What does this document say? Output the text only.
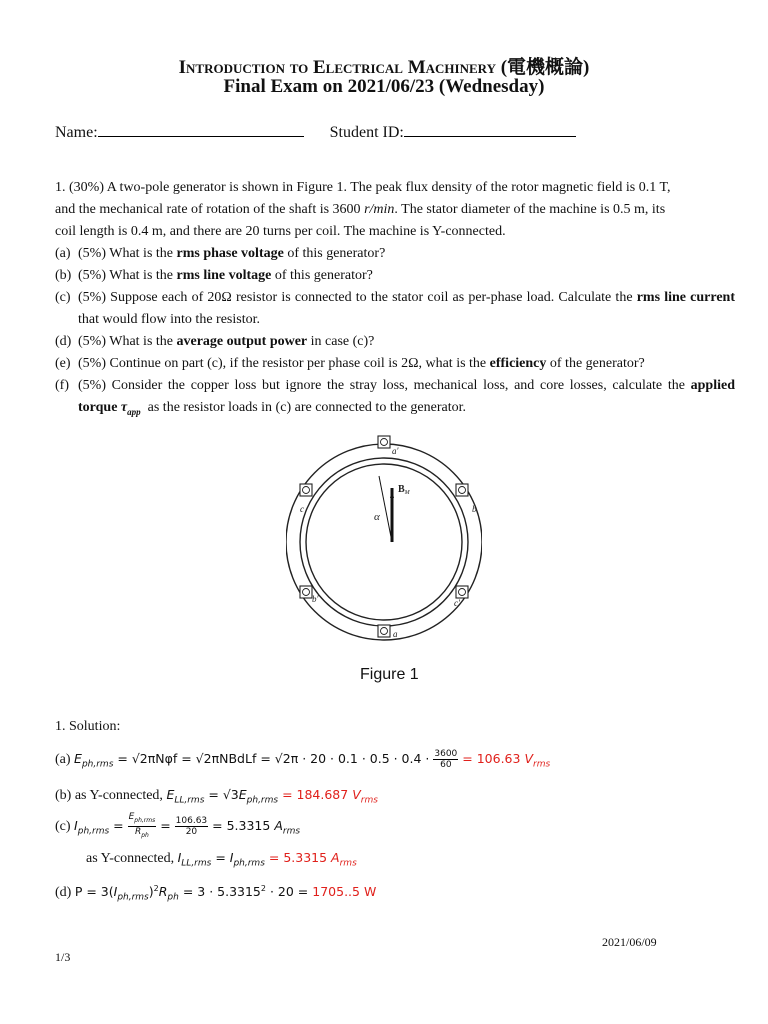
Introduction to Electrical Machinery (電機概論)
Final Exam on 2021/06/23 (Wednesday)
Name:	Student ID:
1. (30%) A two-pole generator is shown in Figure 1. The peak flux density of the rotor magnetic field is 0.1 T,
and the mechanical rate of rotation of the shaft is 3600 r/min. The stator diameter of the machine is 0.5 m, its
coil length is 0.4 m, and there are 20 turns per coil. The machine is Y-connected.
(a) (5%) What is the rms phase voltage of this generator?
(b) (5%) What is the rms line voltage of this generator?
(c) (5%) Suppose each of 20Ω resistor is connected to the stator coil as per-phase load. Calculate the rms line current that would flow into the resistor.
(d) (5%) What is the average output power in case (c)?
(e) (5%) Continue on part (c), if the resistor per phase coil is 2Ω, what is the efficiency of the generator?
(f) (5%) Consider the copper loss but ignore the stray loss, mechanical loss, and core losses, calculate the applied torque $\tau_{app}$  as the resistor loads in (c) are connected to the generator.
a′
a
b
c
b′	c′
α
$B_M$
Figure 1
1. Solution:
(a) $E_{ph,rms} = √2\pi N\varphi f$ = √2πNBdLf = $√2\pi \cdot 20 \cdot 0.1 \cdot 0.5 \cdot 0.4 \cdot \frac{3600}{60} = 106.63$ $V_{rms}$
(b) as Y-connected, $E_{LL,rms} = √3E_{ph,rms} = 184.687$ $V_{rms}$
(c) $I_{ph,rms} = \frac{E_{ph,rms}}{R_{ph}} = \frac{106.63}{20} = 5.3315$ $A_{rms}$
as Y-connected, $I_{LL,rms} = I_{ph,rms} = 5.3315$ $A_{rms}$
(d) $P = 3(I_{ph,rms})^2R_{ph} = 3 \cdot 5.3315^2 \cdot 20 = 1705..5$ W
2021/06/09
1/3
